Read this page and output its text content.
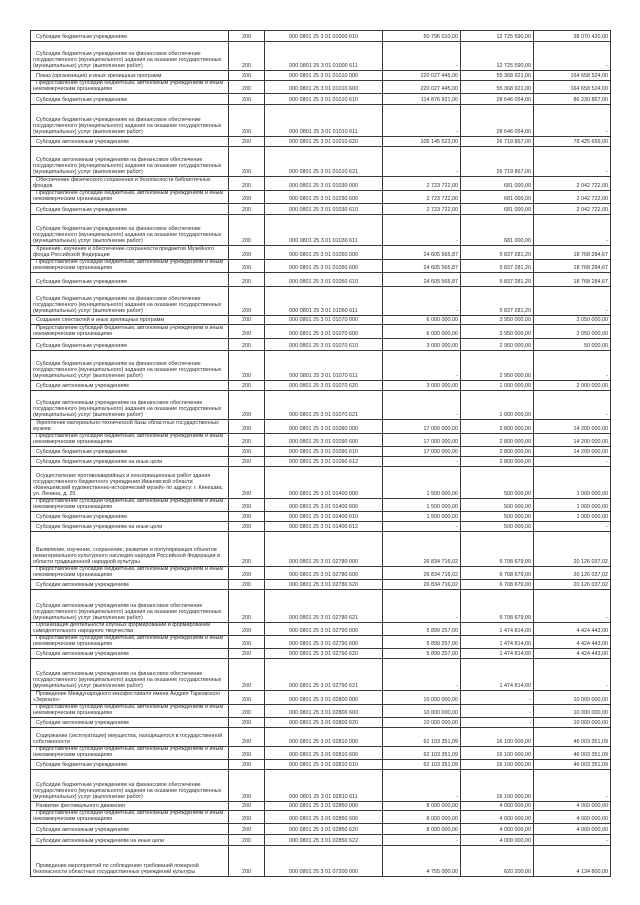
Субсидии бюджетным учреждениям	200	000 0801 25 3 01 01000 610	50 796 010,00	12 725 590,00	38 070 420,00
Субсидии бюджетным учреждениям на финансовое обеспечение государственного (муниципального) задания на оказание государственных (муниципальных) услуг (выполнение работ)	200	000 0801 25 3 01 01000 611	-	12 725 590,00	-
Показ (организация) и иных зрелищных программ	200	000 0801 25 3 01 01010 000	220 027 445,00	55 368 921,00	164 658 524,00
Предоставление субсидий бюджетным, автономным учреждениям и иным некоммерческим организациям	200	000 0801 25 3 01 01010 600	220 027 445,00	55 368 921,00	164 658 524,00
Субсидии бюджетным учреждениям	200	000 0801 25 3 01 01010 610	114 876 921,00	28 646 054,00	86 230 867,00
Субсидии бюджетным учреждениям на финансовое обеспечение государственного (муниципального) задания на оказание государственных (муниципальных) услуг (выполнение работ)	200	000 0801 25 3 01 01010 611	-	28 646 054,00	-
Субсидии автономным учреждениям	200	000 0801 25 3 01 01010 620	105 145 523,00	26 719 867,00	78 425 656,00
Субсидии автономным учреждениям на финансовое обеспечение государственного (муниципального) задания на оказание государственных (муниципальных) услуг (выполнение работ)	200	000 0801 25 3 01 01010 621	-	26 719 867,00	-
Обеспечение физического сохранения и безопасности библиотечных фондов	200	000 0801 25 3 01 01030 000	2 723 722,00	681 000,00	2 042 722,00
Предоставление субсидий бюджетным, автономным учреждениям и иным некоммерческим организациям	200	000 0801 25 3 01 01030 600	2 723 722,00	681 000,00	2 042 722,00
Субсидии бюджетным учреждениям	200	000 0801 25 3 01 01030 610	2 723 722,00	681 000,00	2 042 722,00
Субсидии бюджетным учреждениям на финансовое обеспечение государственного (муниципального) задания на оказание государственных (муниципальных) услуг (выполнение работ)	200	000 0801 25 3 01 01030 611	-	681 000,00	-
Хранение, изучение и обеспечение сохранности предметов Музейного фонда Российской Федерации	200	000 0801 25 3 01 01050 000	24 605 565,87	5 837 281,20	18 768 284,67
Предоставление субсидий бюджетным, автономным учреждениям и иным некоммерческим организациям	200	000 0801 25 3 01 01050 600	24 605 565,87	5 837 281,20	18 768 284,67
Субсидии бюджетным учреждениям	200	000 0801 25 3 01 01050 610	24 605 565,87	5 837 281,20	18 768 284,67
Субсидии бюджетным учреждениям на финансовое обеспечение государственного (муниципального) задания на оказание государственных (муниципальных) услуг (выполнение работ)	200	000 0801 25 3 01 01050 611	-	5 837 281,20	-
Создание спектаклей и иных зрелищных программ	200	000 0801 25 3 01 01070 000	6 000 000,00	3 950 000,00	2 050 000,00
Предоставление субсидий бюджетным, автономным учреждениям и иным некоммерческим организациям	200	000 0801 25 3 01 01070 600	6 000 000,00	3 950 000,00	2 050 000,00
Субсидии бюджетным учреждениям	200	000 0801 25 3 01 01070 610	3 000 000,00	2 950 000,00	50 000,00
Субсидии бюджетным учреждениям на финансовое обеспечение государственного (муниципального) задания на оказание государственных (муниципальных) услуг (выполнение работ)	200	000 0801 25 3 01 01070 611	-	2 950 000,00	-
Субсидии автономным учреждениям	200	000 0801 25 3 01 01070 620	3 000 000,00	1 000 000,00	2 000 000,00
Субсидии автономным учреждениям на финансовое обеспечение государственного (муниципального) задания на оказание государственных (муниципальных) услуг (выполнение работ)	200	000 0801 25 3 01 01070 621	-	1 000 000,00	-
Укрепление материально-технической базы областных государственных музеев	200	000 0801 25 3 01 01090 000	17 000 000,00	2 800 000,00	14 200 000,00
Предоставление субсидий бюджетным, автономным учреждениям и иным некоммерческим организациям	200	000 0801 25 3 01 01090 600	17 000 000,00	2 800 000,00	14 200 000,00
Субсидии бюджетным учреждениям	200	000 0801 25 3 01 01090 610	17 000 000,00	2 800 000,00	14 200 000,00
Субсидии бюджетным учреждениям на иные цели	200	000 0801 25 3 01 01090 612	-	2 800 000,00	-
Осуществление противоаварийных и консервационных работ здания государственного бюджетного учреждения Ивановской области «Кинешемский художественно-исторический музей» по адресу: г. Кинешма, ул. Ленина, д. 25	200	000 0801 25 3 01 01400 000	1 500 000,00	500 000,00	1 000 000,00
Предоставление субсидий бюджетным, автономным учреждениям и иным некоммерческим организациям	200	000 0801 25 3 01 01400 600	1 500 000,00	500 000,00	1 000 000,00
Субсидии бюджетным учреждениям	200	000 0801 25 3 01 01400 610	1 500 000,00	500 000,00	1 000 000,00
Субсидии бюджетным учреждениям на иные цели	200	000 0801 25 3 01 01400 612	-	500 000,00	-
Выявление, изучение, сохранение, развитие и популяризация объектов нематериального культурного наследия народов Российской Федерации в области традиционной народной культуры	200	000 0801 25 3 01 02780 000	26 834 716,02	6 708 679,00	20 126 037,02
Предоставление субсидий бюджетным, автономным учреждениям и иным некоммерческим организациям	200	000 0801 25 3 01 02780 600	26 834 716,02	6 708 679,00	20 126 037,02
Субсидии автономным учреждениям	200	000 0801 25 3 01 02780 620	26 834 716,02	6 708 679,00	20 126 037,02
Субсидии автономным учреждениям на финансовое обеспечение государственного (муниципального) задания на оказание государственных (муниципальных) услуг (выполнение работ)	200	000 0801 25 3 01 02780 621	-	6 708 679,00	-
Организация деятельности клубных формирований и формирований самодеятельного народного творчества	200	000 0801 25 3 01 02790 000	5 899 257,00	1 474 814,00	4 424 443,00
Предоставление субсидий бюджетным, автономным учреждениям и иным некоммерческим организациям	200	000 0801 25 3 01 02790 600	5 899 257,00	1 474 814,00	4 424 443,00
Субсидии автономным учреждениям	200	000 0801 25 3 01 02790 620	5 899 257,00	1 474 814,00	4 424 443,00
Субсидии автономным учреждениям на финансовое обеспечение государственного (муниципального) задания на оказание государственных (муниципальных) услуг (выполнение работ)	200	000 0801 25 3 01 02790 621	-	1 474 814,00	-
Проведение Международного кинофестиваля имени Андрея Тарковского «Зеркало»	200	000 0801 25 3 01 02800 000	10 000 000,00	-	10 000 000,00
Предоставление субсидий бюджетным, автономным учреждениям и иным некоммерческим организациям	200	000 0801 25 3 01 02800 600	10 000 000,00	-	10 000 000,00
Субсидии автономным учреждениям	200	000 0801 25 3 01 02800 620	10 000 000,00	-	10 000 000,00
Содержание (эксплуатация) имущества, находящегося в государственной собственности	200	000 0801 25 3 01 02810 000	62 103 351,09	16 100 000,00	46 003 351,09
Предоставление субсидий бюджетным, автономным учреждениям и иным некоммерческим организациям	200	000 0801 25 3 01 02810 600	62 103 351,09	16 100 000,00	46 003 351,09
Субсидии бюджетным учреждениям	200	000 0801 25 3 01 02810 610	62 103 351,09	16 100 000,00	46 003 351,09
Субсидии бюджетным учреждениям на финансовое обеспечение государственного (муниципального) задания на оказание государственных (муниципальных) услуг (выполнение работ)	200	000 0801 25 3 01 02810 611	-	16 100 000,00	-
Развитие фестивального движения	200	000 0801 25 3 01 02850 000	8 000 000,00	4 000 000,00	4 000 000,00
Предоставление субсидий бюджетным, автономным учреждениям и иным некоммерческим организациям	200	000 0801 25 3 01 02850 600	8 000 000,00	4 000 000,00	4 000 000,00
Субсидии автономным учреждениям	200	000 0801 25 3 01 02850 620	8 000 000,00	4 000 000,00	4 000 000,00
Субсидии автономным учреждениям на иные цели	200	000 0801 25 3 01 02850 622	-	4 000 000,00	-
Проведение мероприятий по соблюдению требований пожарной безопасности областных государственных учреждений культуры	200	000 0801 25 3 01 07200 000	4 755 000,00	620 200,00	4 134 800,00
